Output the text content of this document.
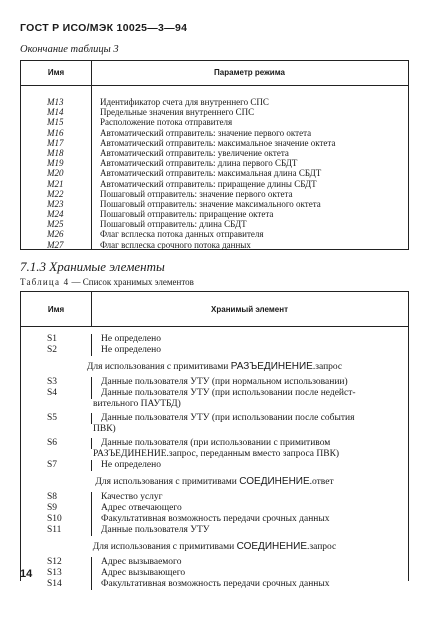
ГОСТ Р ИСО/МЭК 10025—3—94
Окончание таблицы 3
Имя	Параметр режима
M13	Идентификатор счета для внутреннего СПС
M14	Предельные значения внутреннего СПС
M15	Расположение потока отправителя
M16	Автоматический отправитель: значение первого октета
M17	Автоматический отправитель: максимальное значение октета
M18	Автоматический отправитель: увеличение октета
M19	Автоматический отправитель: длина первого СБДТ
M20	Автоматический отправитель: максимальная длина СБДТ
M21	Автоматический отправитель: приращение длины СБДТ
M22	Пошаговый отправитель: значение первого октета
M23	Пошаговый отправитель: значение максимального октета
M24	Пошаговый отправитель: приращение октета
M25	Пошаговый отправитель: длина СБДТ
M26	Флаг всплеска потока данных отправителя
M27	Флаг всплеска срочного потока данных
7.1.3 Хранимые элементы
Таблица 4 — Список хранимых элементов
Имя	Хранимый элемент
S1	Не определено
S2	Не определено
Для использования с примитивами РАЗЪЕДИНЕНИЕ.запрос
S3	Данные пользователя УТУ (при нормальном использовании)
S4	Данные пользователя УТУ (при использовании после недейст-
вительного ПАУТБД)
S5	Данные пользователя УТУ (при использовании после события
ПВК)
S6	Данные пользователя (при использовании с примитивом
РАЗЪЕДИНЕНИЕ.запрос, переданным вместо запроса ПВК)
S7	Не определено
Для использования с примитивами СОЕДИНЕНИЕ.ответ
S8	Качество услуг
S9	Адрес отвечающего
S10	Факультативная возможность передачи срочных данных
S11	Данные пользователя УТУ
Для использования с примитивами СОЕДИНЕНИЕ.запрос
S12	Адрес вызываемого
S13	Адрес вызывающего
S14	Факультативная возможность передачи срочных данных
14
